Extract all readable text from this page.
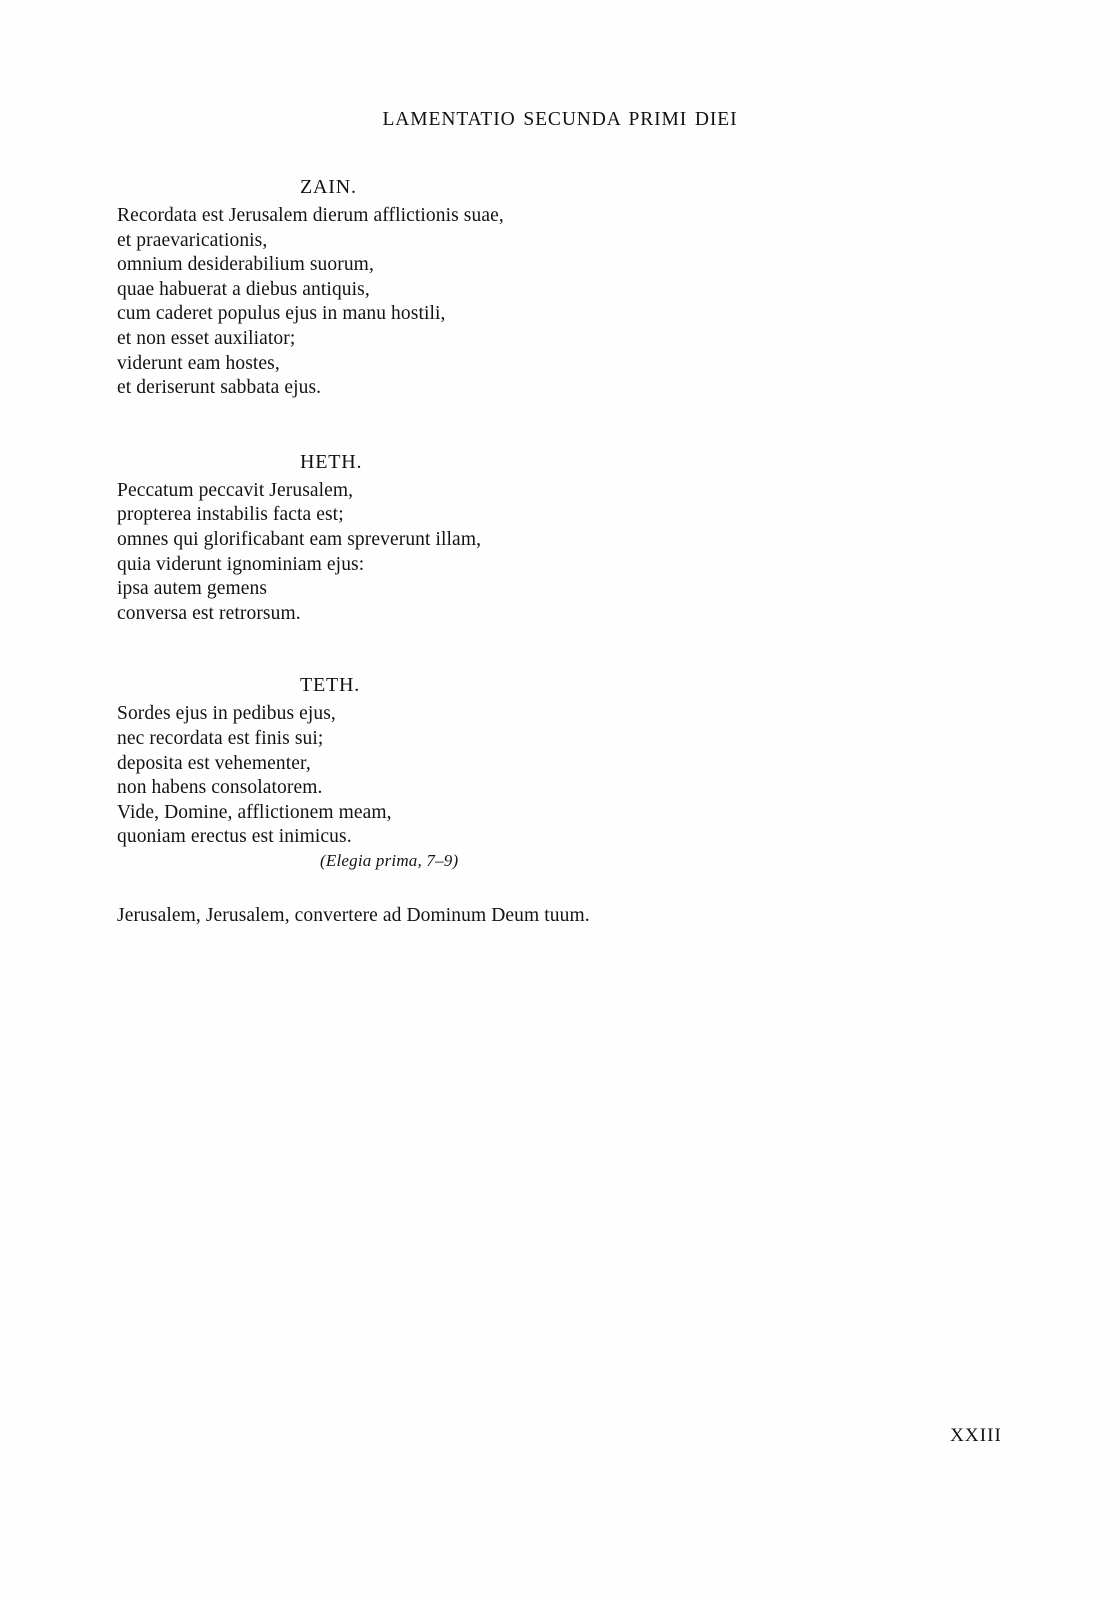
LAMENTATIO SECUNDA PRIMI DIEI
ZAIN.
Recordata est Jerusalem dierum afflictionis suae,
et praevaricationis,
omnium desiderabilium suorum,
quae habuerat a diebus antiquis,
cum caderet populus ejus in manu hostili,
et non esset auxiliator;
viderunt eam hostes,
et deriserunt sabbata ejus.
HETH.
Peccatum peccavit Jerusalem,
propterea instabilis facta est;
omnes qui glorificabant eam spreverunt illam,
quia viderunt ignominiam ejus:
ipsa autem gemens
conversa est retrorsum.
TETH.
Sordes ejus in pedibus ejus,
nec recordata est finis sui;
deposita est vehementer,
non habens consolatorem.
Vide, Domine, afflictionem meam,
quoniam erectus est inimicus.
(Elegia prima, 7–9)
Jerusalem, Jerusalem, convertere ad Dominum Deum tuum.
XXIII
